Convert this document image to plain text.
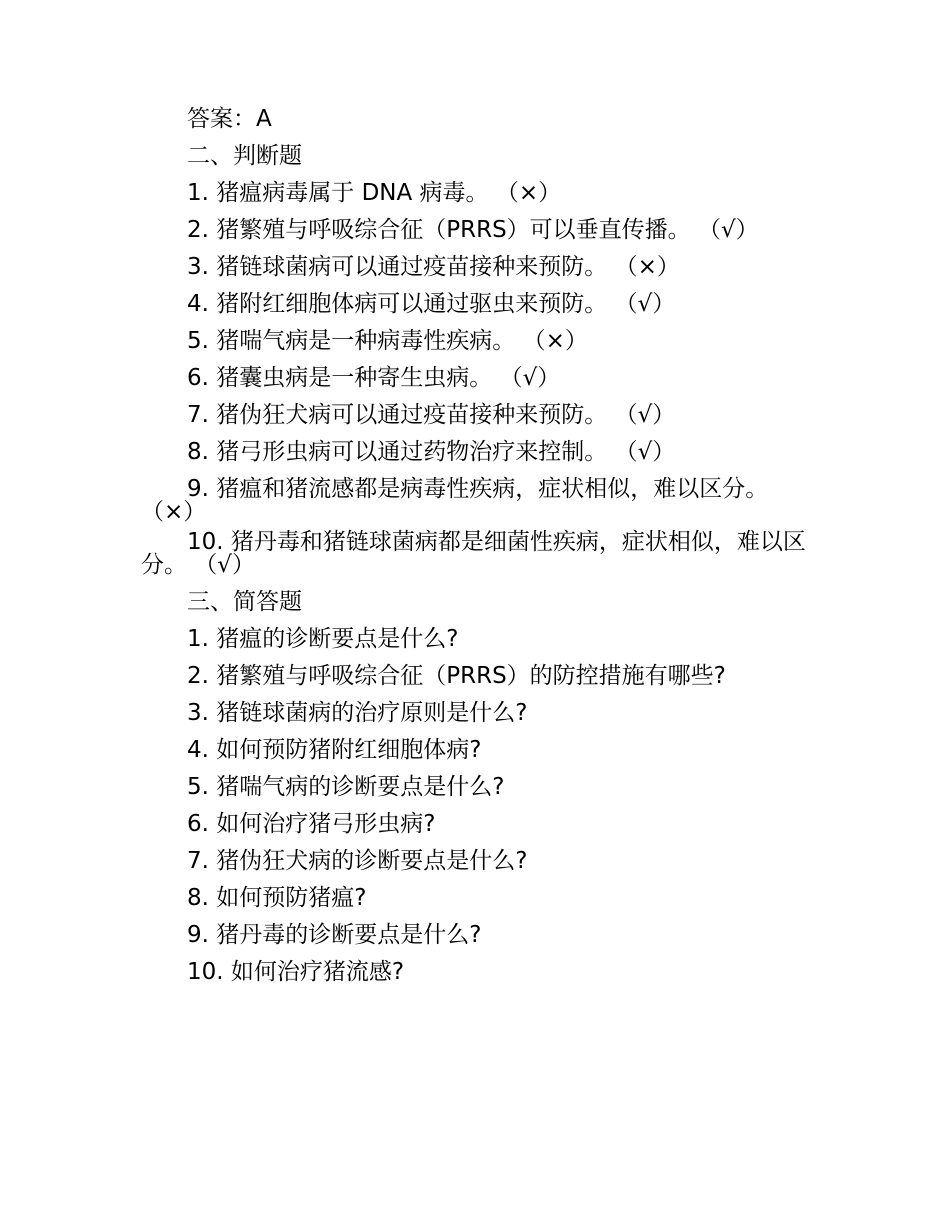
答案：A

二、判断题

1. 猪瘟病毒属于 DNA 病毒。 （×）

2. 猪繁殖与呼吸综合征（PRRS）可以垂直传播。 （√）

3. 猪链球菌病可以通过疫苗接种来预防。 （×）

4. 猪附红细胞体病可以通过驱虫来预防。 （√）

5. 猪喘气病是一种病毒性疾病。 （×）

6. 猪囊虫病是一种寄生虫病。 （√）

7. 猪伪狂犬病可以通过疫苗接种来预防。 （√）

8. 猪弓形虫病可以通过药物治疗来控制。 （√）

9. 猪瘟和猪流感都是病毒性疾病，症状相似，难以区分。 （×）

10. 猪丹毒和猪链球菌病都是细菌性疾病，症状相似，难以区分。 （√）

三、简答题

1. 猪瘟的诊断要点是什么?

2. 猪繁殖与呼吸综合征（PRRS）的防控措施有哪些?

3. 猪链球菌病的治疗原则是什么?

4. 如何预防猪附红细胞体病?

5. 猪喘气病的诊断要点是什么?

6. 如何治疗猪弓形虫病?

7. 猪伪狂犬病的诊断要点是什么?

8. 如何预防猪瘟?

9. 猪丹毒的诊断要点是什么?

10. 如何治疗猪流感?
